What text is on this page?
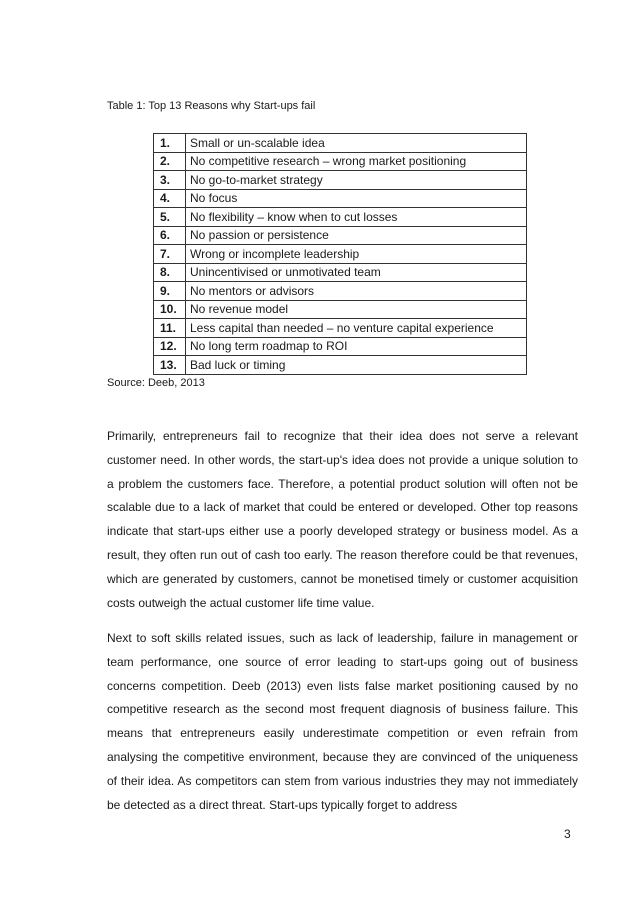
Table 1: Top 13 Reasons why Start-ups fail

1.	Small or un-scalable idea
2.	No competitive research – wrong market positioning
3.	No go-to-market strategy
4.	No focus
5.	No flexibility – know when to cut losses
6.	No passion or persistence
7.	Wrong or incomplete leadership
8.	Unincentivised or unmotivated team
9.	No mentors or advisors
10.	No revenue model
11.	Less capital than needed – no venture capital experience
12.	No long term roadmap to ROI
13.	Bad luck or timing

Source: Deeb, 2013

Primarily, entrepreneurs fail to recognize that their idea does not serve a relevant customer need. In other words, the start-up's idea does not provide a unique solution to a problem the customers face. Therefore, a potential product solution will often not be scalable due to a lack of market that could be entered or developed. Other top reasons indicate that start-ups either use a poorly developed strategy or business model. As a result, they often run out of cash too early. The reason therefore could be that revenues, which are generated by customers, cannot be monetised timely or customer acquisition costs outweigh the actual customer life time value.

Next to soft skills related issues, such as lack of leadership, failure in management or team performance, one source of error leading to start-ups going out of business concerns competition. Deeb (2013) even lists false market positioning caused by no competitive research as the second most frequent diagnosis of business failure. This means that entrepreneurs easily underestimate competition or even refrain from analysing the competitive environment, because they are convinced of the uniqueness of their idea. As competitors can stem from various industries they may not immediately be detected as a direct threat. Start-ups typically forget to address

3
